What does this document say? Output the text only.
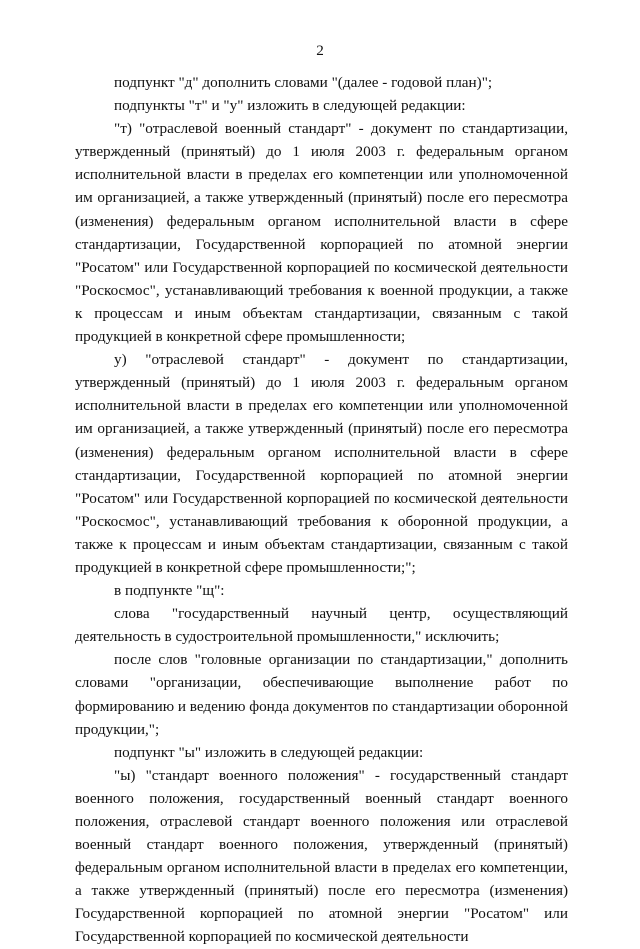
2

подпункт "д" дополнить словами "(далее - годовой план)";

подпункты "т" и "у" изложить в следующей редакции:

"т) "отраслевой военный стандарт" - документ по стандартизации, утвержденный (принятый) до 1 июля 2003 г. федеральным органом исполнительной власти в пределах его компетенции или уполномоченной им организацией, а также утвержденный (принятый) после его пересмотра (изменения) федеральным органом исполнительной власти в сфере стандартизации, Государственной корпорацией по атомной энергии "Росатом" или Государственной корпорацией по космической деятельности "Роскосмос", устанавливающий требования к военной продукции, а также к процессам и иным объектам стандартизации, связанным с такой продукцией в конкретной сфере промышленности;

у) "отраслевой стандарт" - документ по стандартизации, утвержденный (принятый) до 1 июля 2003 г. федеральным органом исполнительной власти в пределах его компетенции или уполномоченной им организацией, а также утвержденный (принятый) после его пересмотра (изменения) федеральным органом исполнительной власти в сфере стандартизации, Государственной корпорацией по атомной энергии "Росатом" или Государственной корпорацией по космической деятельности "Роскосмос", устанавливающий требования к оборонной продукции, а также к процессам и иным объектам стандартизации, связанным с такой продукцией в конкретной сфере промышленности;";

в подпункте "щ":

слова "государственный научный центр, осуществляющий деятельность в судостроительной промышленности," исключить;

после слов "головные организации по стандартизации," дополнить словами "организации, обеспечивающие выполнение работ по формированию и ведению фонда документов по стандартизации оборонной продукции,";

подпункт "ы" изложить в следующей редакции:

"ы) "стандарт военного положения" - государственный стандарт военного положения, государственный военный стандарт военного положения, отраслевой стандарт военного положения или отраслевой военный стандарт военного положения, утвержденный (принятый) федеральным органом исполнительной власти в пределах его компетенции, а также утвержденный (принятый) после его пересмотра (изменения) Государственной корпорацией по атомной энергии "Росатом" или Государственной корпорацией по космической деятельности
